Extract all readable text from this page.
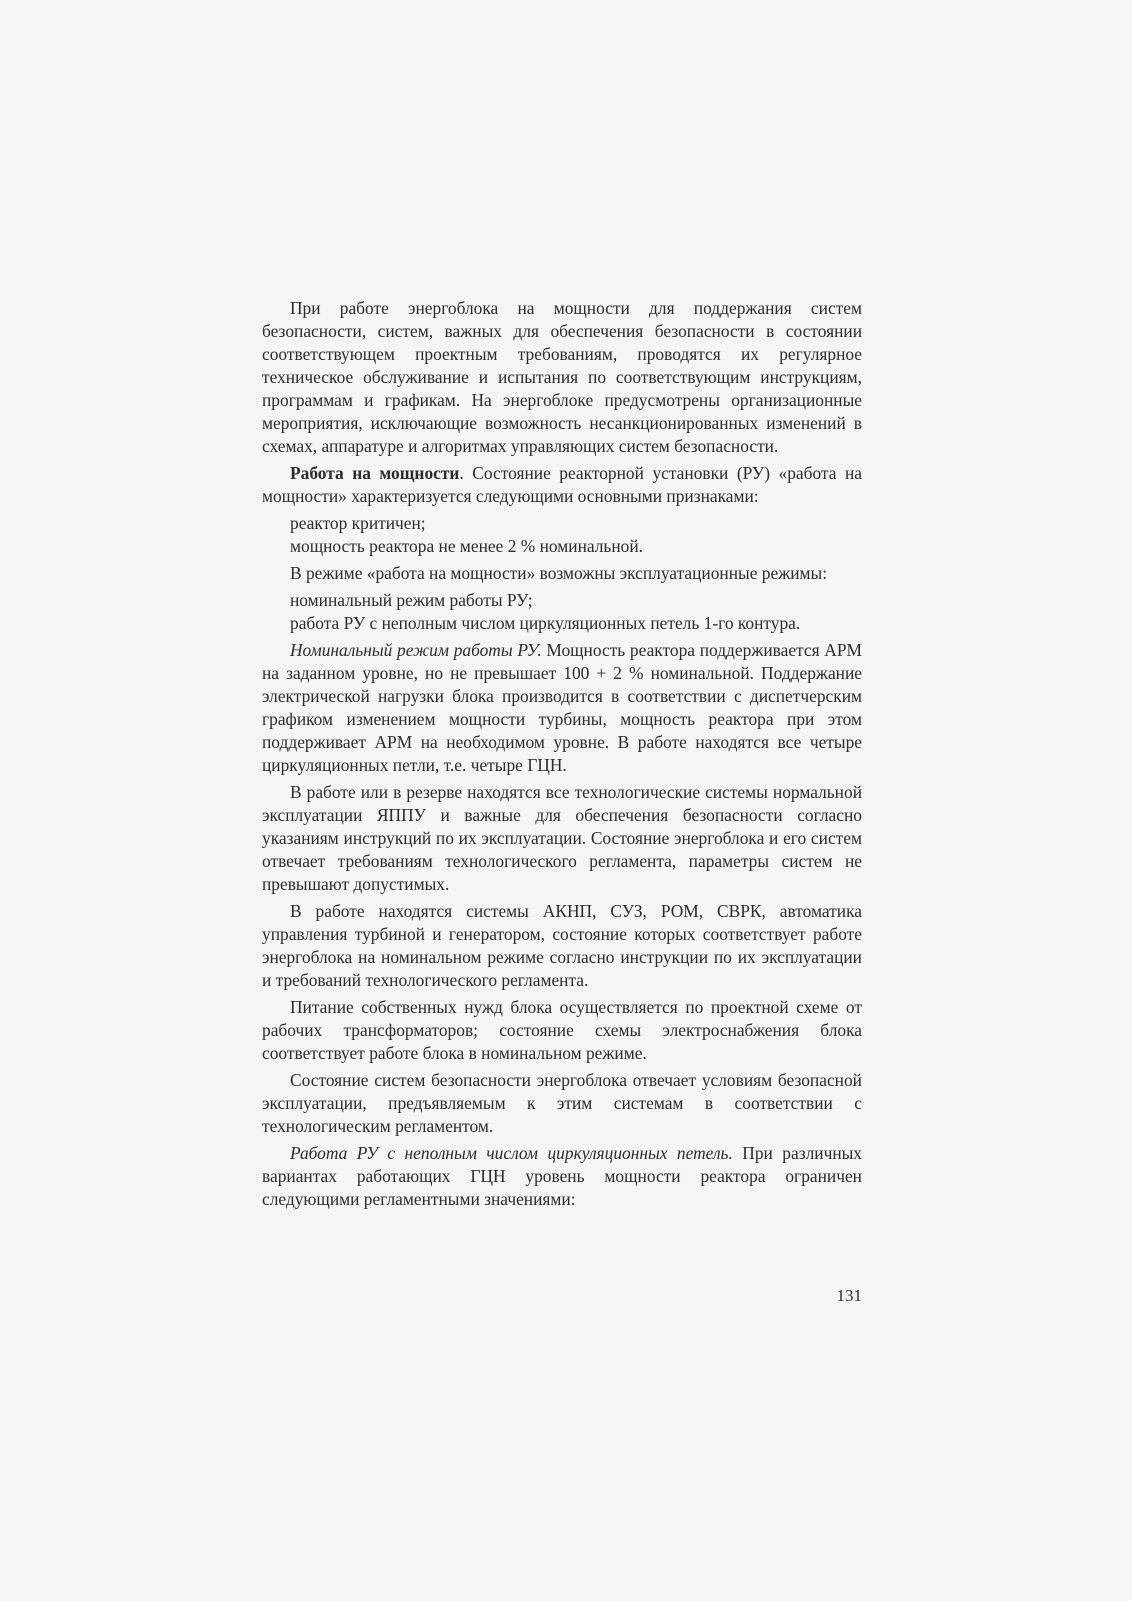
При работе энергоблока на мощности для поддержания систем безопасности, систем, важных для обеспечения безопасности в состоянии соответствующем проектным требованиям, проводятся их регулярное техническое обслуживание и испытания по соответствующим инструкциям, программам и графикам. На энергоблоке предусмотрены организационные мероприятия, исключающие возможность несанкционированных изменений в схемах, аппаратуре и алгоритмах управляющих систем безопасности.

Работа на мощности. Состояние реакторной установки (РУ) «работа на мощности» характеризуется следующими основными признаками:

реактор критичен;

мощность реактора не менее 2 % номинальной.

В режиме «работа на мощности» возможны эксплуатационные режимы:

номинальный режим работы РУ;

работа РУ с неполным числом циркуляционных петель 1-го контура.

Номинальный режим работы РУ. Мощность реактора поддерживается АРМ на заданном уровне, но не превышает 100 + 2 % номинальной. Поддержание электрической нагрузки блока производится в соответствии с диспетчерским графиком изменением мощности турбины, мощность реактора при этом поддерживает АРМ на необходимом уровне. В работе находятся все четыре циркуляционных петли, т.е. четыре ГЦН.

В работе или в резерве находятся все технологические системы нормальной эксплуатации ЯППУ и важные для обеспечения безопасности согласно указаниям инструкций по их эксплуатации. Состояние энергоблока и его систем отвечает требованиям технологического регламента, параметры систем не превышают допустимых.

В работе находятся системы АКНП, СУЗ, РОМ, СВРК, автоматика управления турбиной и генератором, состояние которых соответствует работе энергоблока на номинальном режиме согласно инструкции по их эксплуатации и требований технологического регламента.

Питание собственных нужд блока осуществляется по проектной схеме от рабочих трансформаторов; состояние схемы электроснабжения блока соответствует работе блока в номинальном режиме.

Состояние систем безопасности энергоблока отвечает условиям безопасной эксплуатации, предъявляемым к этим системам в соответствии с технологическим регламентом.

Работа РУ с неполным числом циркуляционных петель. При различных вариантах работающих ГЦН уровень мощности реактора ограничен следующими регламентными значениями:

131
